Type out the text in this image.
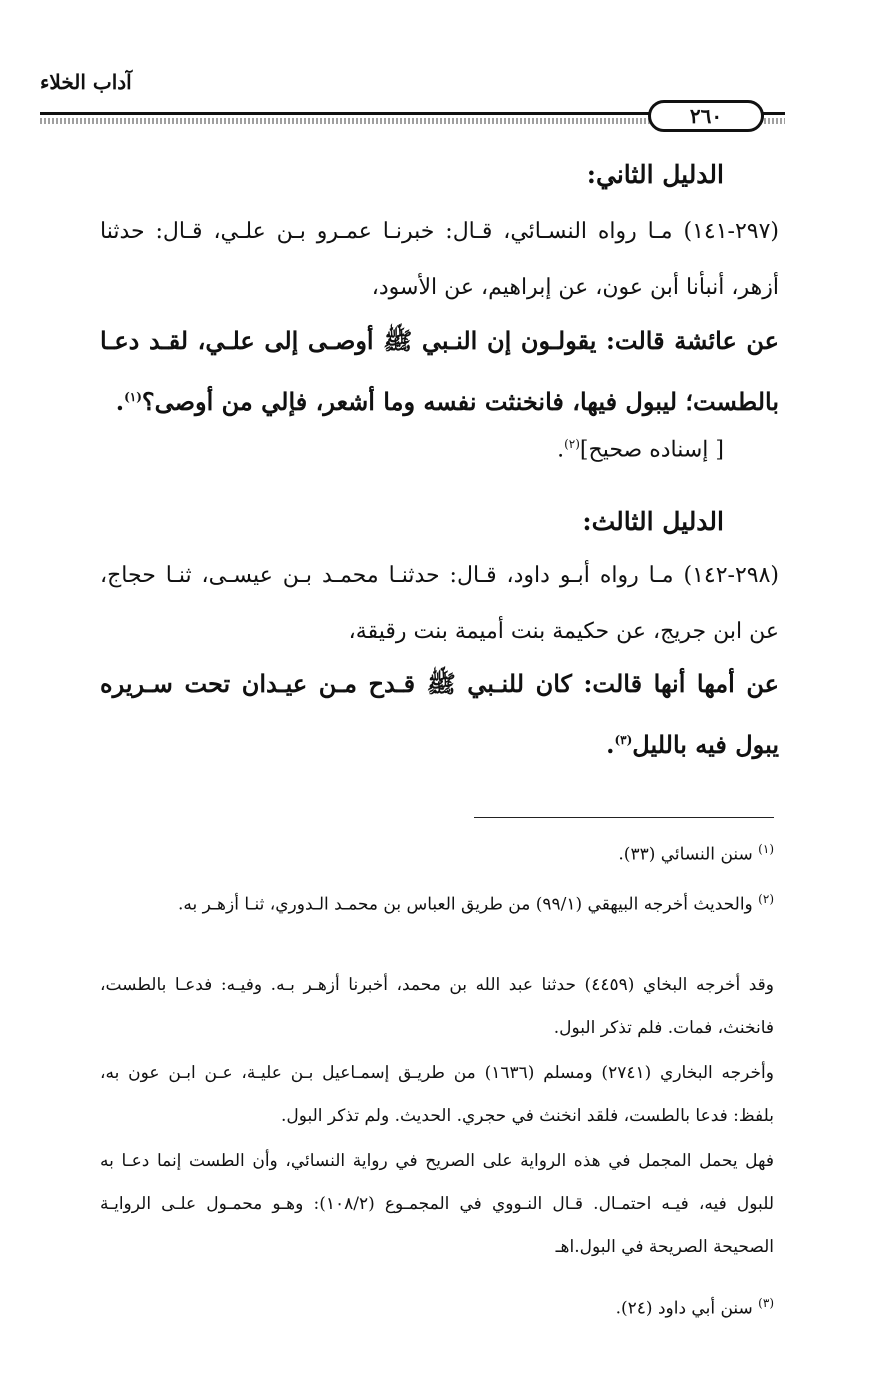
آداب الخلاء
٢٦٠
الدليل الثاني:
(٢٩٧-١٤١) مـا رواه النسـائي، قـال: خبرنـا عمـرو بـن علـي، قـال: حدثنا أزهر، أنبأنا أبن عون، عن إبراهيم، عن الأسود،
عن عائشة قالت: يقولـون إن النـبي ﷺ أوصـى إلى علـي، لقـد دعـا بالطست؛ ليبول فيها، فانخنثت نفسه وما أشعر، فإلي من أوصى؟$^{(١)}$.
[ إسناده صحيح]$^{(٢)}$.
الدليل الثالث:
(٢٩٨-١٤٢) مـا رواه أبـو داود، قـال: حدثنـا محمـد بـن عيسـى، ثنـا حجاج، عن ابن جريج، عن حكيمة بنت أميمة بنت رقيقة،
عن أمها أنها قالت: كان للنـبي ﷺ قـدح مـن عيـدان تحت سـريره يبول فيه بالليل$^{(٣)}$.
$^{(١)}$ سنن النسائي (٣٣).
$^{(٢)}$ والحديث أخرجه البيهقي (٩٩/١) من طريق العباس بن محمـد الـدوري، ثنـا أزهـر به.
وقد أخرجه البخاي (٤٤٥٩) حدثنا عبد الله بن محمد، أخبرنا أزهـر بـه. وفيـه: فدعـا بالطست، فانخنث، فمات. فلم تذكر البول.
وأخرجه البخاري (٢٧٤١) ومسلم (١٦٣٦) من طريـق إسمـاعيل بـن عليـة، عـن ابـن عون به، بلفظ: فدعا بالطست، فلقد انخنث في حجري. الحديث. ولم تذكر البول.
فهل يحمل المجمل في هذه الرواية على الصريح في رواية النسائي، وأن الطست إنما دعـا به للبول فيه، فيـه احتمـال. قـال النـووي في المجمـوع (١٠٨/٢): وهـو محمـول علـى الروايـة الصحيحة الصريحة في البول.اهـ
$^{(٣)}$ سنن أبي داود (٢٤).
